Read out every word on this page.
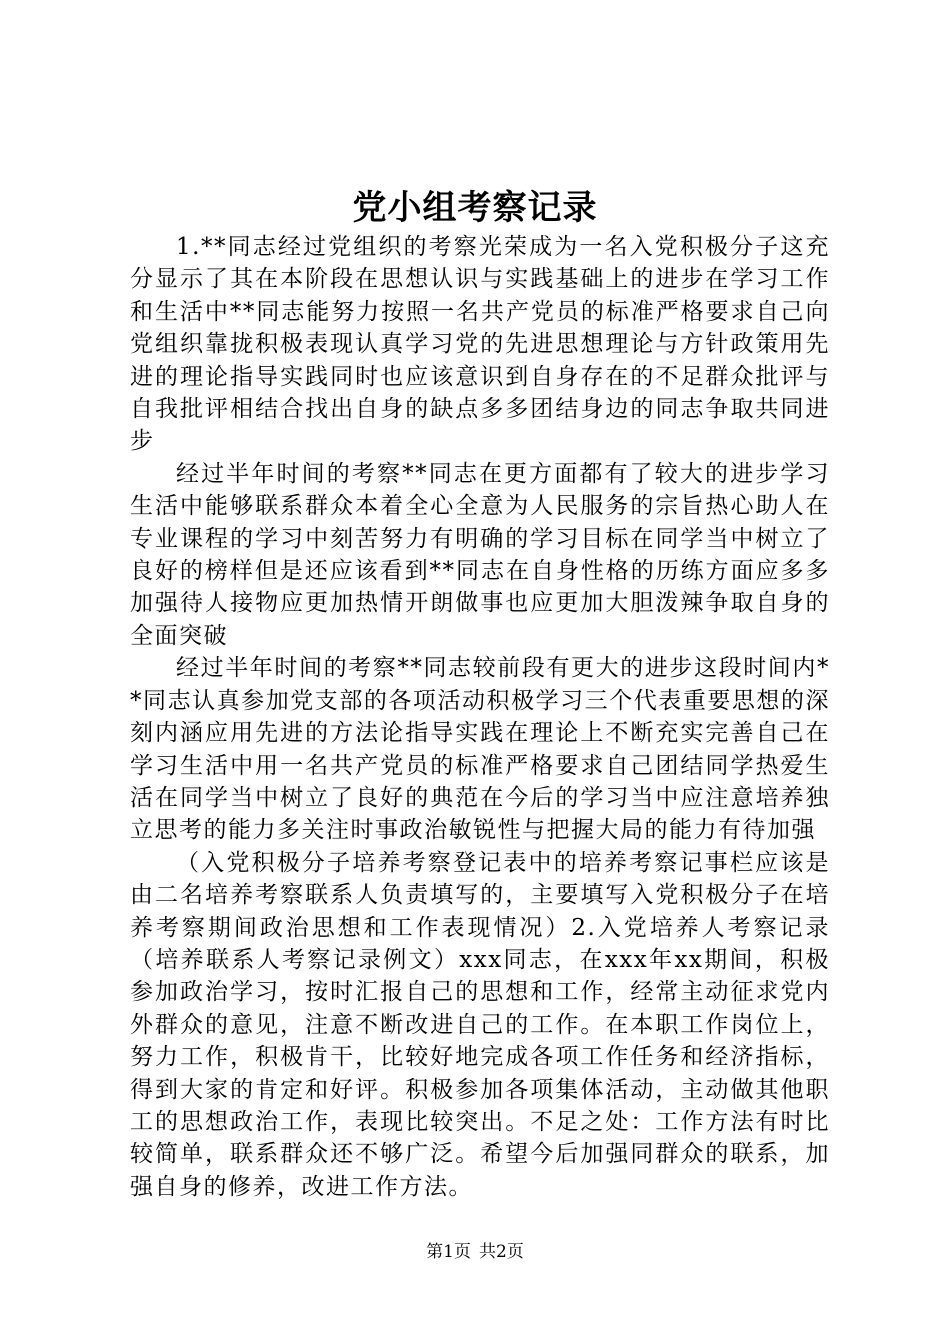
党小组考察记录

1.**同志经过党组织的考察光荣成为一名入党积极分子这充分显示了其在本阶段在思想认识与实践基础上的进步在学习工作和生活中**同志能努力按照一名共产党员的标准严格要求自己向党组织靠拢积极表现认真学习党的先进思想理论与方针政策用先进的理论指导实践同时也应该意识到自身存在的不足群众批评与自我批评相结合找出自身的缺点多多团结身边的同志争取共同进步

经过半年时间的考察**同志在更方面都有了较大的进步学习生活中能够联系群众本着全心全意为人民服务的宗旨热心助人在专业课程的学习中刻苦努力有明确的学习目标在同学当中树立了良好的榜样但是还应该看到**同志在自身性格的历练方面应多多加强待人接物应更加热情开朗做事也应更加大胆泼辣争取自身的全面突破

经过半年时间的考察**同志较前段有更大的进步这段时间内**同志认真参加党支部的各项活动积极学习三个代表重要思想的深刻内涵应用先进的方法论指导实践在理论上不断充实完善自己在学习生活中用一名共产党员的标准严格要求自己团结同学热爱生活在同学当中树立了良好的典范在今后的学习当中应注意培养独立思考的能力多关注时事政治敏锐性与把握大局的能力有待加强

（入党积极分子培养考察登记表中的培养考察记事栏应该是由二名培养考察联系人负责填写的，主要填写入党积极分子在培养考察期间政治思想和工作表现情况）2.入党培养人考察记录（培养联系人考察记录例文）xxx同志，在xxx年xx期间，积极参加政治学习，按时汇报自己的思想和工作，经常主动征求党内外群众的意见，注意不断改进自己的工作。在本职工作岗位上，努力工作，积极肯干，比较好地完成各项工作任务和经济指标，得到大家的肯定和好评。积极参加各项集体活动，主动做其他职工的思想政治工作，表现比较突出。不足之处：工作方法有时比较简单，联系群众还不够广泛。希望今后加强同群众的联系，加强自身的修养，改进工作方法。

第1页 共2页
